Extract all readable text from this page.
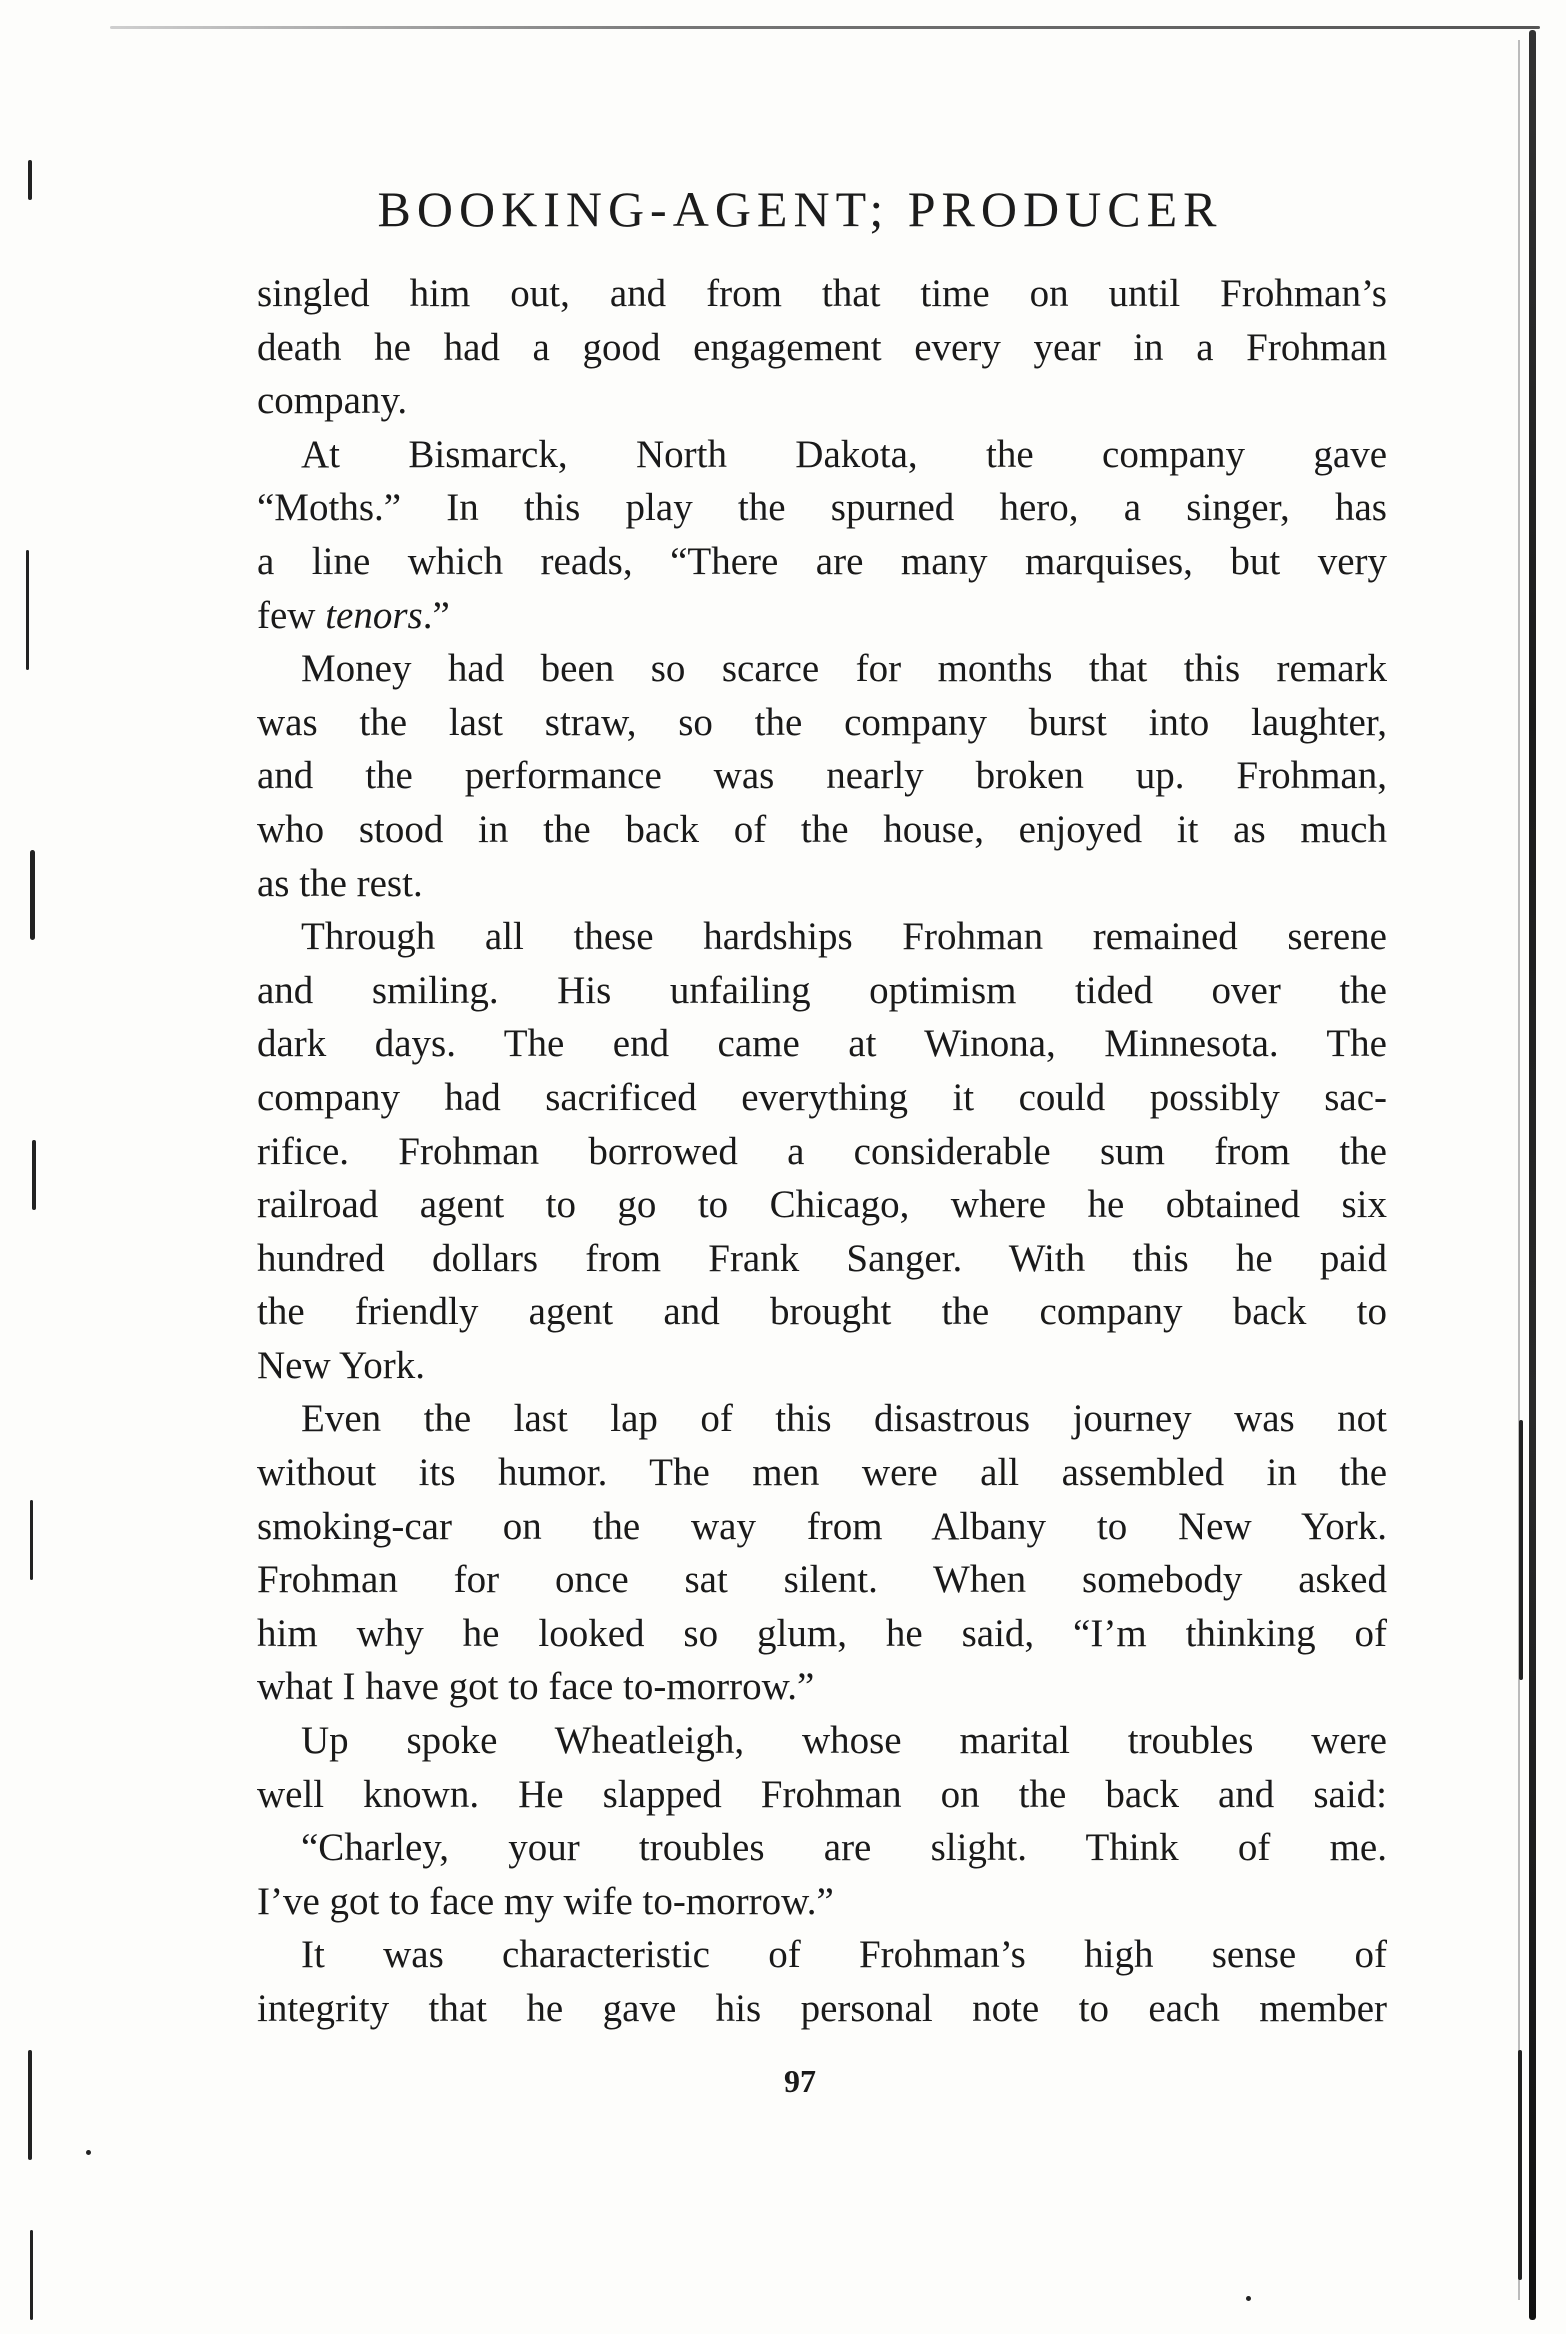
BOOKING-AGENT; PRODUCER

singled him out, and from that time on until Frohman’s

death he had a good engagement every year in a Frohman

company.

At Bismarck, North Dakota, the company gave

“Moths.” In this play the spurned hero, a singer, has

a line which reads, “There are many marquises, but very

few tenors.”

Money had been so scarce for months that this remark

was the last straw, so the company burst into laughter,

and the performance was nearly broken up. Frohman,

who stood in the back of the house, enjoyed it as much

as the rest.

Through all these hardships Frohman remained serene

and smiling. His unfailing optimism tided over the

dark days. The end came at Winona, Minnesota. The

company had sacrificed everything it could possibly sac-

rifice. Frohman borrowed a considerable sum from the

railroad agent to go to Chicago, where he obtained six

hundred dollars from Frank Sanger. With this he paid

the friendly agent and brought the company back to

New York.

Even the last lap of this disastrous journey was not

without its humor. The men were all assembled in the

smoking-car on the way from Albany to New York.

Frohman for once sat silent. When somebody asked

him why he looked so glum, he said, “I’m thinking of

what I have got to face to-morrow.”

Up spoke Wheatleigh, whose marital troubles were

well known. He slapped Frohman on the back and said:

“Charley, your troubles are slight. Think of me.

I’ve got to face my wife to-morrow.”

It was characteristic of Frohman’s high sense of

integrity that he gave his personal note to each member

97
